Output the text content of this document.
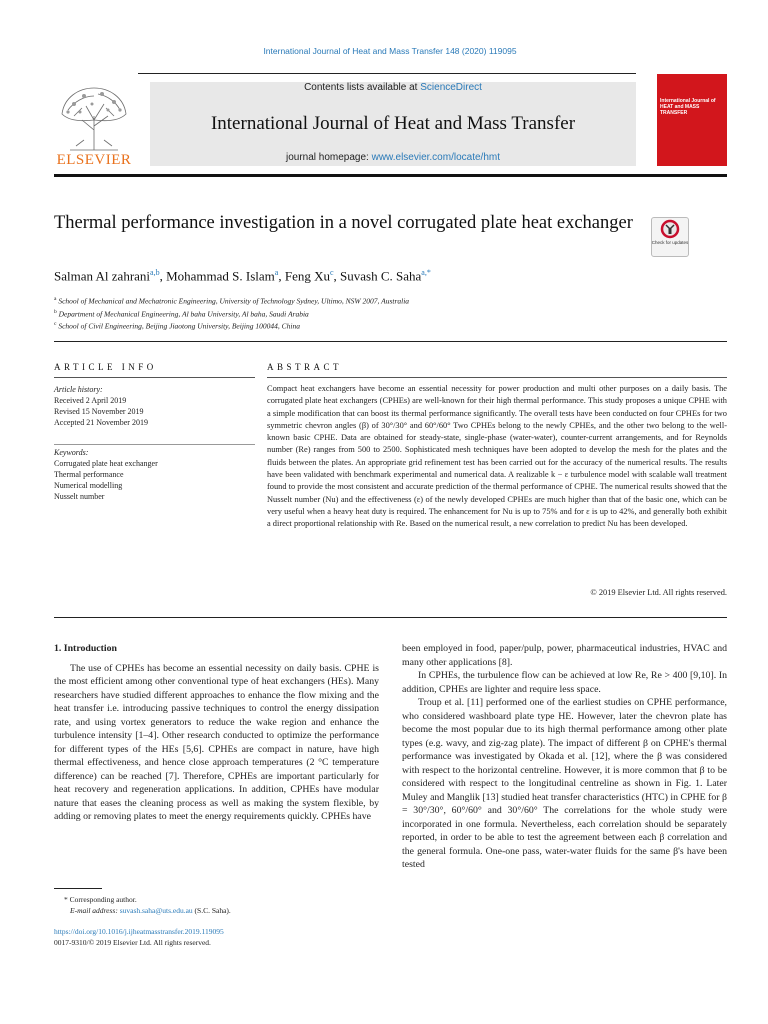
International Journal of Heat and Mass Transfer 148 (2020) 119095
ELSEVIER
Contents lists available at ScienceDirect
International Journal of Heat and Mass Transfer
journal homepage: www.elsevier.com/locate/hmt
International Journal of HEAT and MASS TRANSFER
Thermal performance investigation in a novel corrugated plate heat exchanger
Check for updates
Salman Al zahrani$^{a,b}$, Mohammad S. Islam$^a$, Feng Xu$^c$, Suvash C. Saha$^{a,*}$
$^a$ School of Mechanical and Mechatronic Engineering, University of Technology Sydney, Ultimo, NSW 2007, Australia
$^b$ Department of Mechanical Engineering, Al baha University, Al baha, Saudi Arabia
$^c$ School of Civil Engineering, Beijing Jiaotong University, Beijing 100044, China
ARTICLE INFO	ABSTRACT
Article history:
Received 2 April 2019
Revised 15 November 2019
Accepted 21 November 2019
Keywords:
Corrugated plate heat exchanger
Thermal performance
Numerical modelling
Nusselt number
Compact heat exchangers have become an essential necessity for power production and multi other purposes on a daily basis. The corrugated plate heat exchangers (CPHEs) are well-known for their high thermal performance. This study proposes a unique CPHE with a simple modification that can boost its thermal performance significantly. The overall tests have been conducted on four CPHEs for two symmetric chevron angles (β) of 30°/30° and 60°/60° Two CPHEs belong to the newly CPHEs, and the other two belong to the well-known basic CPHE. Data are obtained for steady-state, single-phase (water-water), counter-current arrangements, and for Reynolds number (Re) ranges from 500 to 2500. Sophisticated mesh techniques have been adopted to develop the mesh for the plates and the fluids between the plates. An appropriate grid refinement test has been carried out for the accuracy of the numerical results. The results have been validated with benchmark experimental and numerical data. A realizable k − ε turbulence model with scalable wall treatment found to provide the most consistent and accurate prediction of the thermal performance of CPHE. The numerical results showed that the Nusselt number (Nu) and the effectiveness (ε) of the newly developed CPHEs are much higher than that of the basic one, which can be very useful when a heavy heat duty is required. The enhancement for Nu is up to 75% and for ε is up to 42%, and generally both exhibit a direct proportional relationship with Re. Based on the numerical result, a new correlation to predict Nu has been developed.
© 2019 Elsevier Ltd. All rights reserved.
1. Introduction

The use of CPHEs has become an essential necessity on daily basis. CPHE is the most efficient among other conventional type of heat exchangers (HEs). Many researchers have studied different approaches to enhance the flow mixing and the heat transfer i.e. introducing passive techniques to control the energy dissipation rate, and using vortex generators to reduce the wake region and enhance the turbulence intensity [1–4]. Other research conducted to optimize the performance for different types of the HEs [5,6]. CPHEs are compact in nature, have high thermal effectiveness, and hence close approach temperatures (2 °C temperature difference) can be reached [7]. Therefore, CPHEs are important particularly for heat recovery and regeneration applications. In addition, CPHEs have modular nature that eases the cleaning process as well as making the system flexible, by adding or removing plates to meet the energy requirements quickly. CPHEs have

been employed in food, paper/pulp, power, pharmaceutical industries, HVAC and many other applications [8].

In CPHEs, the turbulence flow can be achieved at low Re, Re > 400 [9,10]. In addition, CPHEs are lighter and require less space.

Troup et al. [11] performed one of the earliest studies on CPHE performance, who considered washboard plate type HE. However, later the chevron plate has become the most popular due to its high thermal performance among other plate types (e.g. wavy, and zig-zag plate). The impact of different β on CPHE's thermal performance was investigated by Okada et al. [12], where the β was considered with respect to the horizontal centreline. However, it is more common that β to be considered with respect to the longitudinal centreline as shown in Fig. 1. Later Muley and Manglik [13] studied heat transfer characteristics (HTC) in CPHE for β = 30°/30°, 60°/60° and 30°/60° The correlations for the whole study were incorporated in one formula. Nevertheless, each correlation should be separately reported, in order to be able to test the agreement between each β correlation and the general formula. One-one pass, water-water fluids for the same β's have been tested

* Corresponding author.
E-mail address: suvash.saha@uts.edu.au (S.C. Saha).
https://doi.org/10.1016/j.ijheatmasstransfer.2019.119095
0017-9310/© 2019 Elsevier Ltd. All rights reserved.
